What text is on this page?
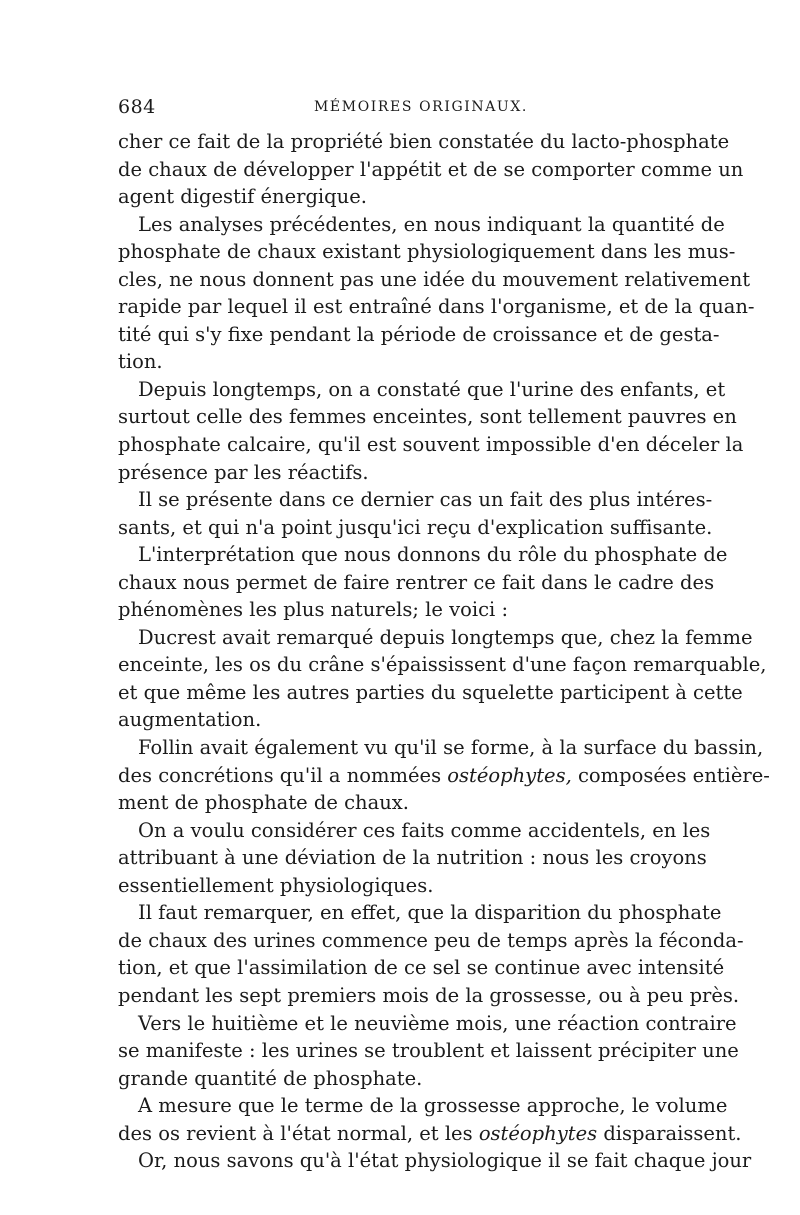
684	MÉMOIRES ORIGINAUX.
cher ce fait de la propriété bien constatée du lacto-phosphate
de chaux de développer l'appétit et de se comporter comme un
agent digestif énergique.
Les analyses précédentes, en nous indiquant la quantité de
phosphate de chaux existant physiologiquement dans les mus-
cles, ne nous donnent pas une idée du mouvement relativement
rapide par lequel il est entraîné dans l'organisme, et de la quan-
tité qui s'y fixe pendant la période de croissance et de gesta-
tion.
Depuis longtemps, on a constaté que l'urine des enfants, et
surtout celle des femmes enceintes, sont tellement pauvres en
phosphate calcaire, qu'il est souvent impossible d'en déceler la
présence par les réactifs.
Il se présente dans ce dernier cas un fait des plus intéres-
sants, et qui n'a point jusqu'ici reçu d'explication suffisante.
L'interprétation que nous donnons du rôle du phosphate de
chaux nous permet de faire rentrer ce fait dans le cadre des
phénomènes les plus naturels; le voici :
Ducrest avait remarqué depuis longtemps que, chez la femme
enceinte, les os du crâne s'épaississent d'une façon remarquable,
et que même les autres parties du squelette participent à cette
augmentation.
Follin avait également vu qu'il se forme, à la surface du bassin,
des concrétions qu'il a nommées ostéophytes, composées entière-
ment de phosphate de chaux.
On a voulu considérer ces faits comme accidentels, en les
attribuant à une déviation de la nutrition : nous les croyons
essentiellement physiologiques.
Il faut remarquer, en effet, que la disparition du phosphate
de chaux des urines commence peu de temps après la féconda-
tion, et que l'assimilation de ce sel se continue avec intensité
pendant les sept premiers mois de la grossesse, ou à peu près.
Vers le huitième et le neuvième mois, une réaction contraire
se manifeste : les urines se troublent et laissent précipiter une
grande quantité de phosphate.
A mesure que le terme de la grossesse approche, le volume
des os revient à l'état normal, et les ostéophytes disparaissent.
Or, nous savons qu'à l'état physiologique il se fait chaque jour
